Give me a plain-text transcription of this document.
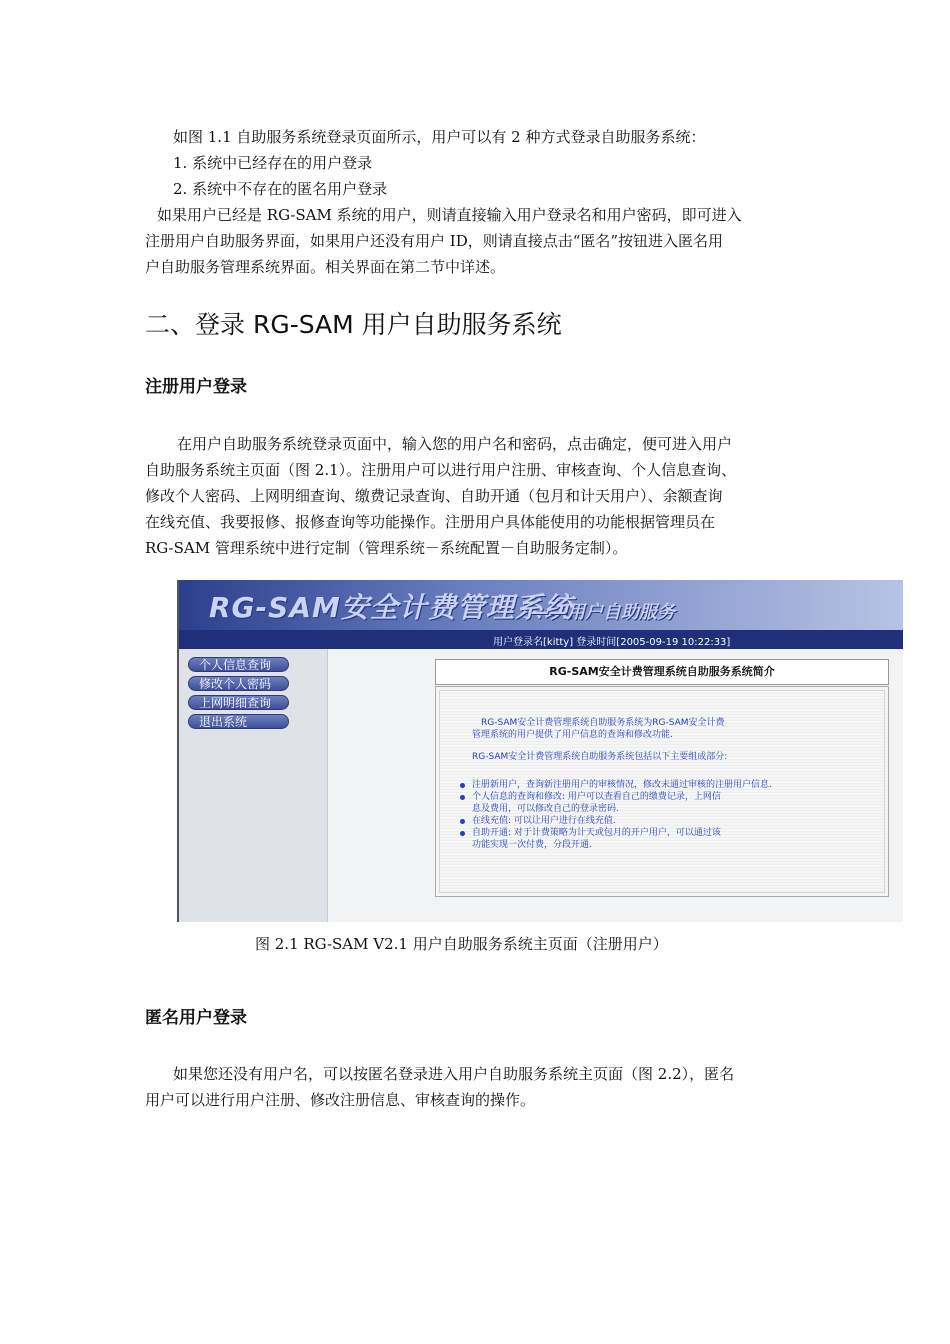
如图 1.1 自助服务系统登录页面所示，用户可以有 2 种方式登录自助服务系统：
1. 系统中已经存在的用户登录
2. 系统中不存在的匿名用户登录
如果用户已经是 RG-SAM 系统的用户，则请直接输入用户登录名和用户密码，即可进入
注册用户自助服务界面，如果用户还没有用户 ID，则请直接点击“匿名”按钮进入匿名用
户自助服务管理系统界面。相关界面在第二节中详述。

二、登录 RG-SAM 用户自助服务系统
注册用户登录

在用户自助服务系统登录页面中，输入您的用户名和密码，点击确定，便可进入用户
自助服务系统主页面（图 2.1）。注册用户可以进行用户注册、审核查询、个人信息查询、
修改个人密码、上网明细查询、缴费记录查询、自助开通（包月和计天用户）、余额查询
在线充值、我要报修、报修查询等功能操作。注册用户具体能使用的功能根据管理员在
RG-SAM 管理系统中进行定制（管理系统－系统配置－自助服务定制）。

RG-SAM安全计费管理系统
——用户自助服务
用户登录名[kitty] 登录时间[2005-09-19 10:22:33]
个人信息查询
修改个人密码
上网明细查询
退出系统
RG-SAM安全计费管理系统自助服务系统简介
RG-SAM安全计费管理系统自助服务系统为RG-SAM安全计费
管理系统的用户提供了用户信息的查询和修改功能.
RG-SAM安全计费管理系统自助服务系统包括以下主要组成部分:
注册新用户，查询新注册用户的审核情况，修改未通过审核的注册用户信息.
个人信息的查询和修改: 用户可以查看自己的缴费记录，上网信
息及费用，可以修改自己的登录密码.
在线充值: 可以让用户进行在线充值.
自助开通: 对于计费策略为计天或包月的开户用户，可以通过该
功能实现一次付费，分段开通.
图 2.1 RG-SAM V2.1 用户自助服务系统主页面（注册用户）
匿名用户登录

如果您还没有用户名，可以按匿名登录进入用户自助服务系统主页面（图 2.2），匿名
用户可以进行用户注册、修改注册信息、审核查询的操作。
